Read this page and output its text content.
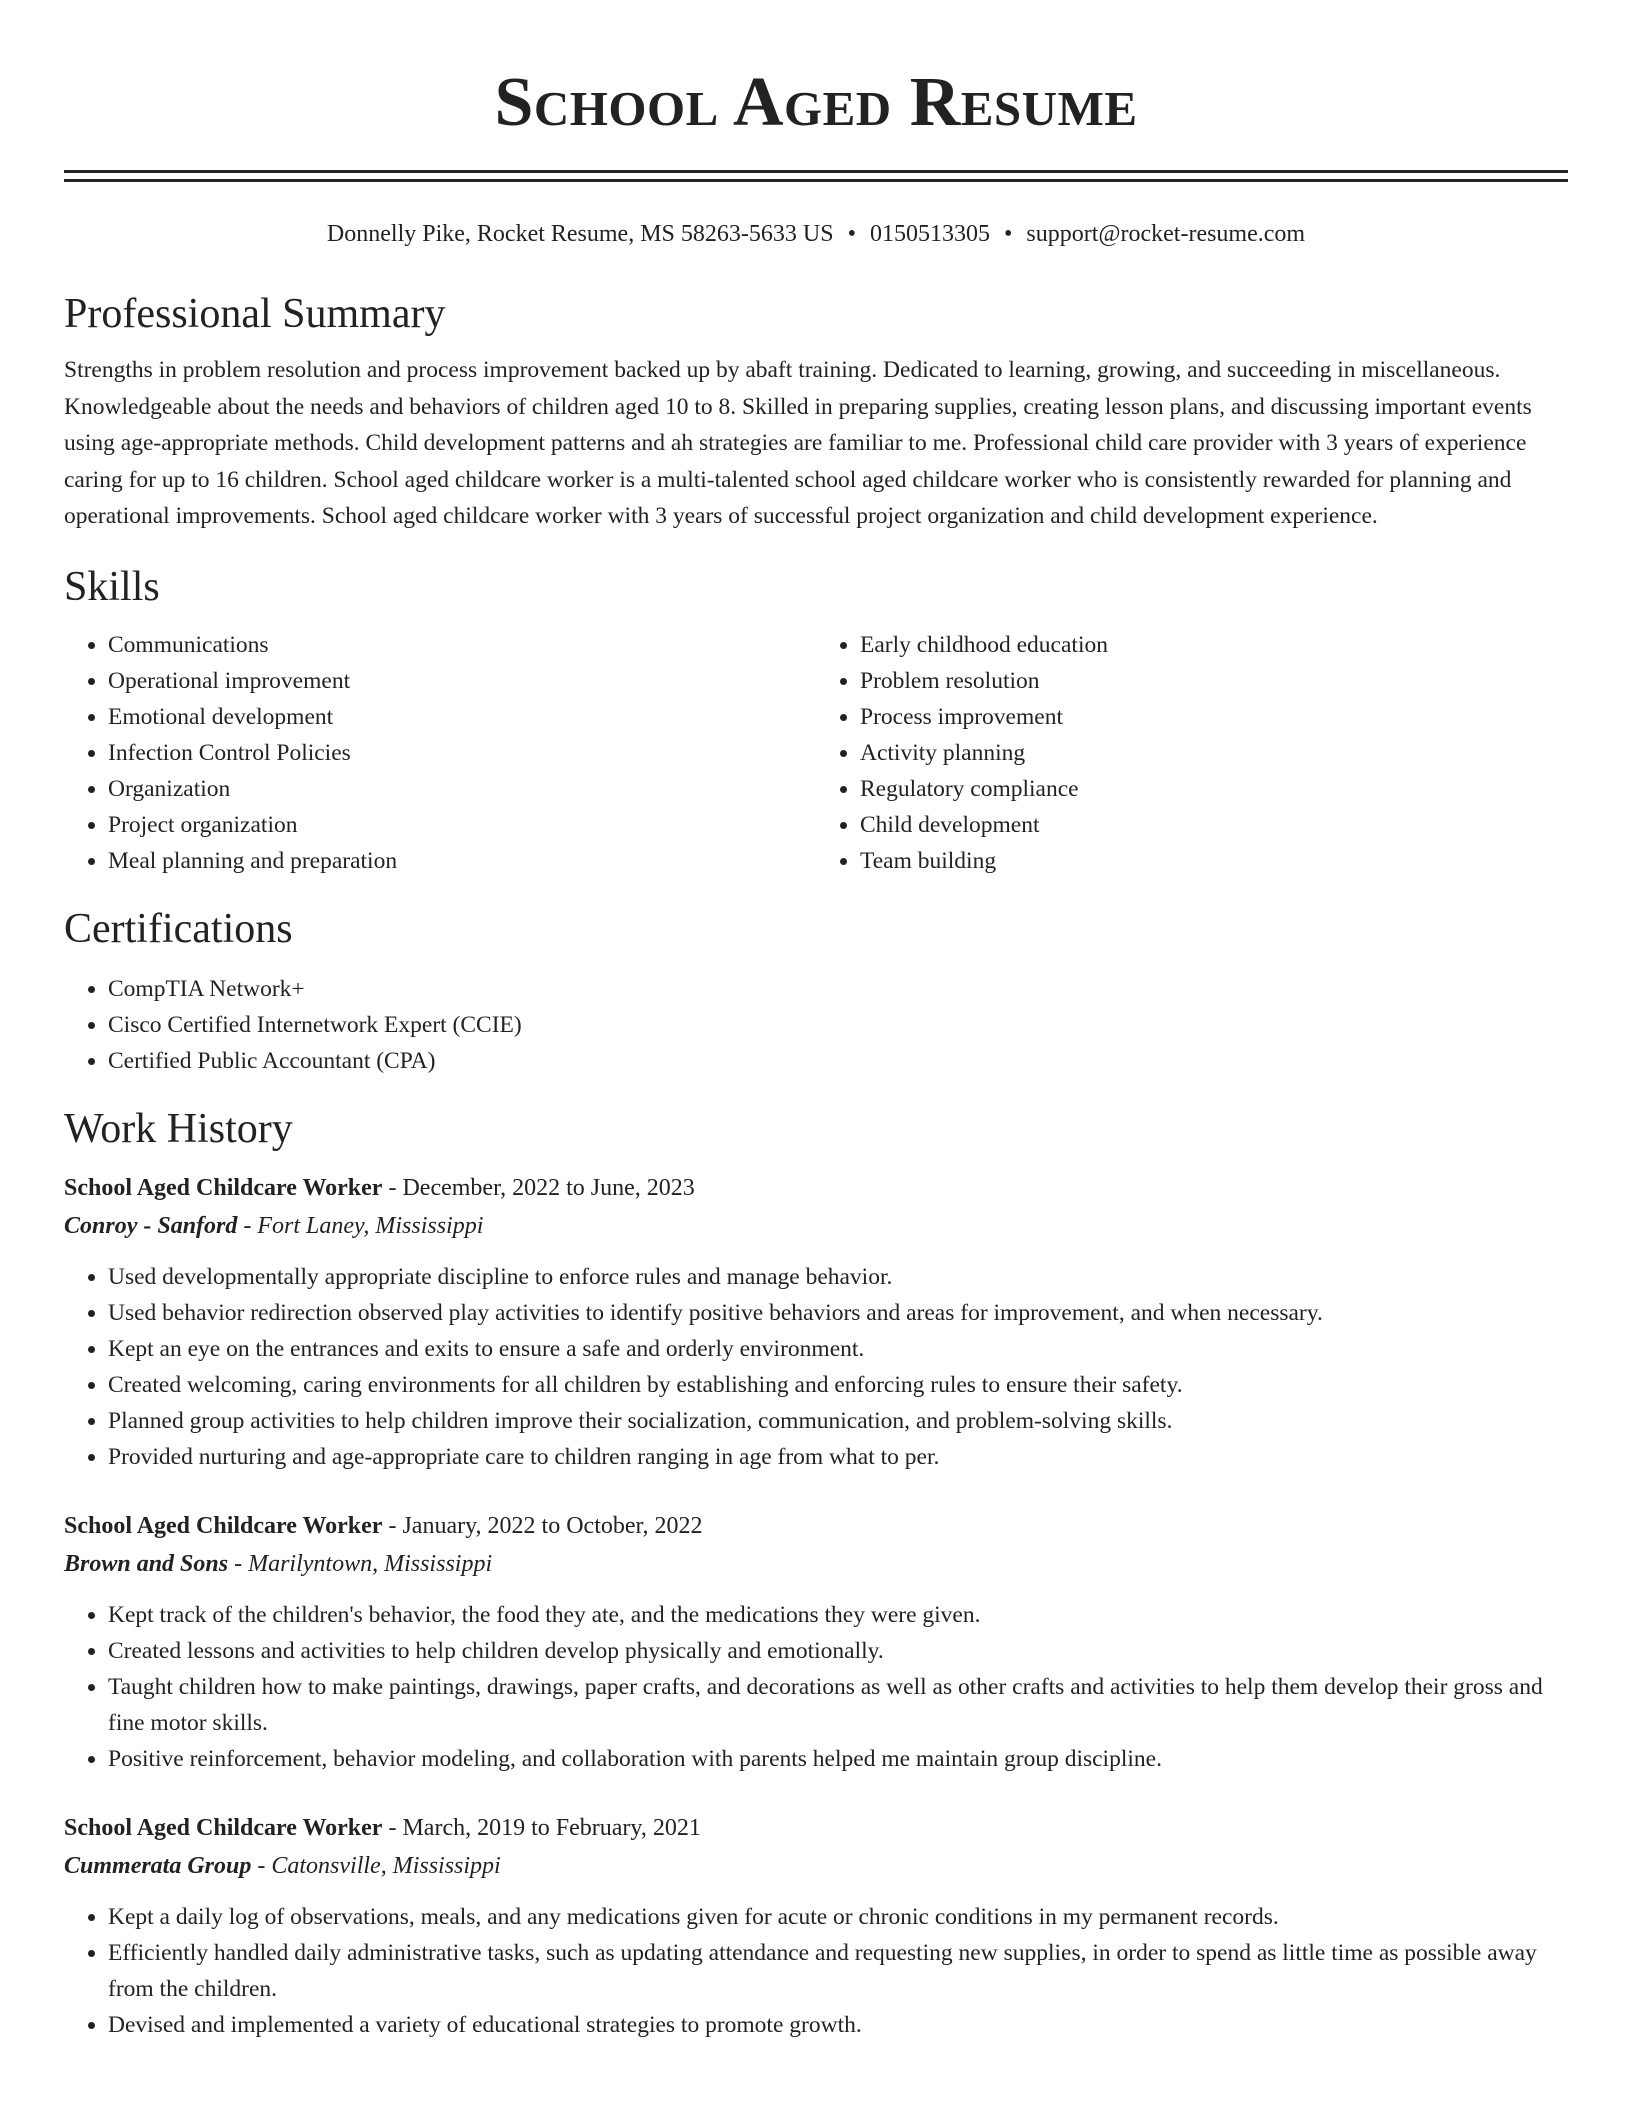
School Aged Resume
Donnelly Pike, Rocket Resume, MS 58263-5633 US • 0150513305 • support@rocket-resume.com
Professional Summary

Strengths in problem resolution and process improvement backed up by abaft training. Dedicated to learning, growing, and succeeding in miscellaneous. Knowledgeable about the needs and behaviors of children aged 10 to 8. Skilled in preparing supplies, creating lesson plans, and discussing important events using age-appropriate methods. Child development patterns and ah strategies are familiar to me. Professional child care provider with 3 years of experience caring for up to 16 children. School aged childcare worker is a multi-talented school aged childcare worker who is consistently rewarded for planning and operational improvements. School aged childcare worker with 3 years of successful project organization and child development experience.

Skills
• Communications
• Operational improvement
• Emotional development
• Infection Control Policies
• Organization
• Project organization
• Meal planning and preparation
• Early childhood education
• Problem resolution
• Process improvement
• Activity planning
• Regulatory compliance
• Child development
• Team building
Certifications
• CompTIA Network+
• Cisco Certified Internetwork Expert (CCIE)
• Certified Public Accountant (CPA)
Work History
School Aged Childcare Worker - December, 2022 to June, 2023
Conroy - Sanford - Fort Laney, Mississippi
• Used developmentally appropriate discipline to enforce rules and manage behavior.
• Used behavior redirection observed play activities to identify positive behaviors and areas for improvement, and when necessary.
• Kept an eye on the entrances and exits to ensure a safe and orderly environment.
• Created welcoming, caring environments for all children by establishing and enforcing rules to ensure their safety.
• Planned group activities to help children improve their socialization, communication, and problem-solving skills.
• Provided nurturing and age-appropriate care to children ranging in age from what to per.
School Aged Childcare Worker - January, 2022 to October, 2022
Brown and Sons - Marilyntown, Mississippi
• Kept track of the children's behavior, the food they ate, and the medications they were given.
• Created lessons and activities to help children develop physically and emotionally.
• Taught children how to make paintings, drawings, paper crafts, and decorations as well as other crafts and activities to help them develop their gross and fine motor skills.
• Positive reinforcement, behavior modeling, and collaboration with parents helped me maintain group discipline.
School Aged Childcare Worker - March, 2019 to February, 2021
Cummerata Group - Catonsville, Mississippi
• Kept a daily log of observations, meals, and any medications given for acute or chronic conditions in my permanent records.
• Efficiently handled daily administrative tasks, such as updating attendance and requesting new supplies, in order to spend as little time as possible away from the children.
• Devised and implemented a variety of educational strategies to promote growth.
